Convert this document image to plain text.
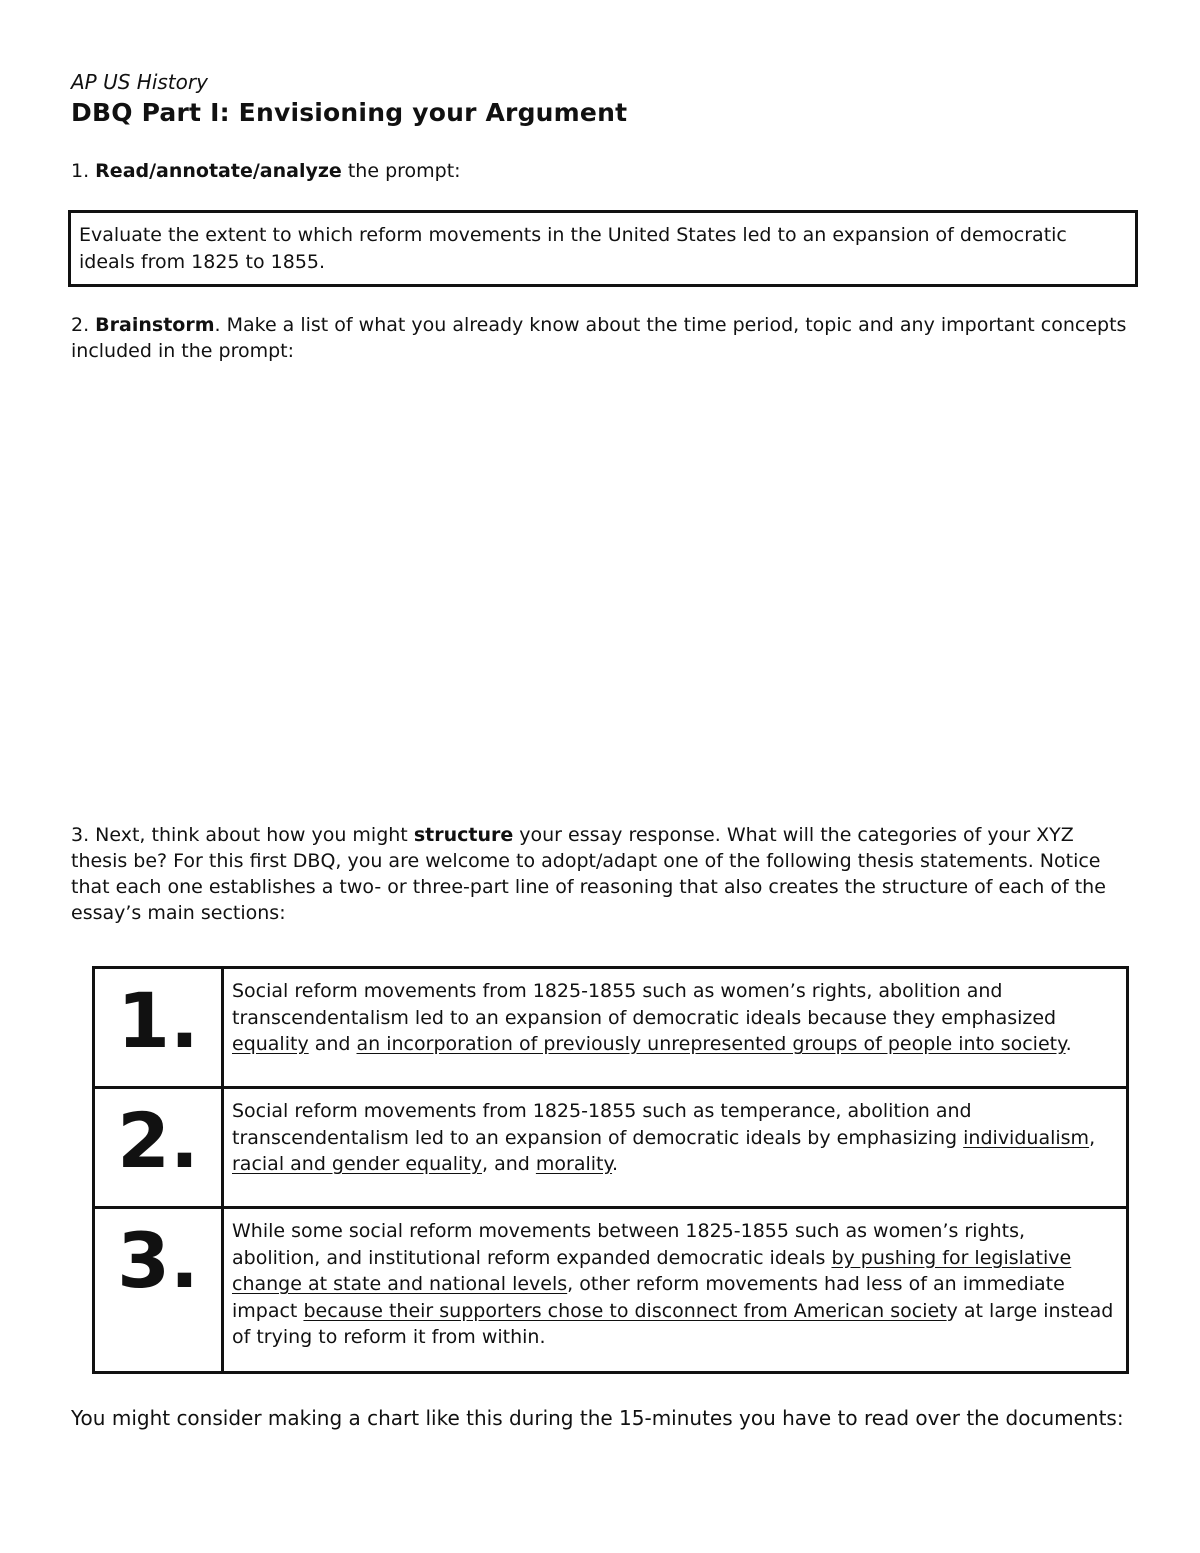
AP US History

DBQ Part I: Envisioning your Argument

1. Read/annotate/analyze the prompt:

Evaluate the extent to which reform movements in the United States led to an expansion of democratic ideals from 1825 to 1855.

2. Brainstorm. Make a list of what you already know about the time period, topic and any important concepts included in the prompt:

3. Next, think about how you might structure your essay response. What will the categories of your XYZ thesis be? For this first DBQ, you are welcome to adopt/adapt one of the following thesis statements. Notice that each one establishes a two- or three-part line of reasoning that also creates the structure of each of the essay’s main sections:

1.	Social reform movements from 1825-1855 such as women’s rights, abolition and transcendentalism led to an expansion of democratic ideals because they emphasized equality and an incorporation of previously unrepresented groups of people into society.
2.	Social reform movements from 1825-1855 such as temperance, abolition and transcendentalism led to an expansion of democratic ideals by emphasizing individualism, racial and gender equality, and morality.
3.	While some social reform movements between 1825-1855 such as women’s rights, abolition, and institutional reform expanded democratic ideals by pushing for legislative change at state and national levels, other reform movements had less of an immediate impact because their supporters chose to disconnect from American society at large instead of trying to reform it from within.

You might consider making a chart like this during the 15-minutes you have to read over the documents:
